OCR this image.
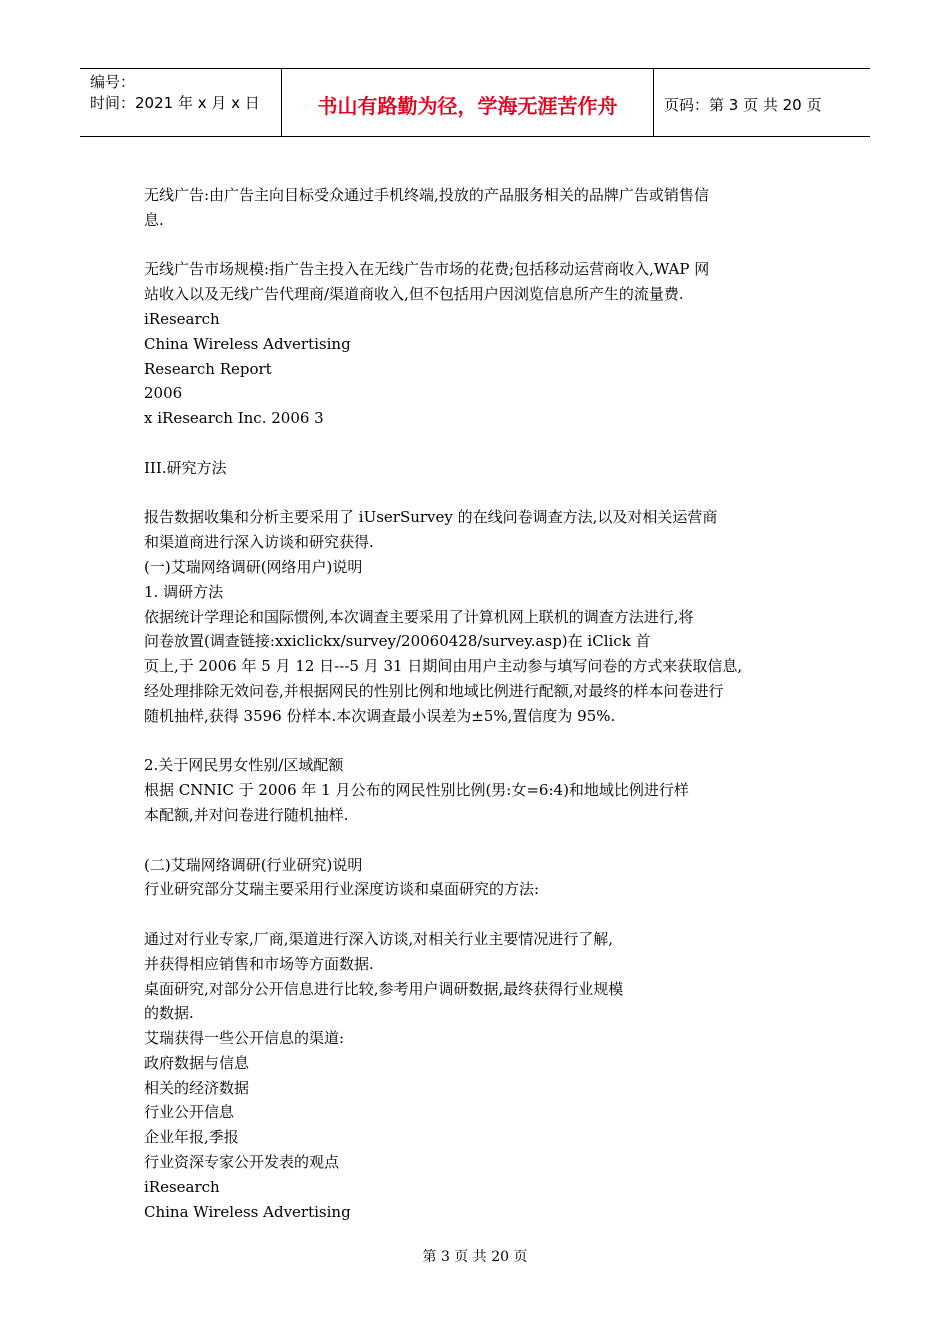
编号：
时间：2021 年 x 月 x 日	书山有路勤为径，学海无涯苦作舟	页码：第 3 页 共 20 页
无线广告:由广告主向目标受众通过手机终端,投放的产品服务相关的品牌广告或销售信
息.
无线广告市场规模:指广告主投入在无线广告市场的花费;包括移动运营商收入,WAP 网
站收入以及无线广告代理商/渠道商收入,但不包括用户因浏览信息所产生的流量费.
iResearch
China Wireless Advertising
Research Report
2006
x iResearch Inc. 2006 3
III.研究方法
报告数据收集和分析主要采用了 iUserSurvey 的在线问卷调查方法,以及对相关运营商
和渠道商进行深入访谈和研究获得.
(一)艾瑞网络调研(网络用户)说明
1. 调研方法
依据统计学理论和国际惯例,本次调查主要采用了计算机网上联机的调查方法进行,将
问卷放置(调查链接:xxiclickx/survey/20060428/survey.asp)在 iClick 首
页上,于 2006 年 5 月 12 日---5 月 31 日期间由用户主动参与填写问卷的方式来获取信息,
经处理排除无效问卷,并根据网民的性别比例和地域比例进行配额,对最终的样本问卷进行
随机抽样,获得 3596 份样本.本次调查最小误差为±5%,置信度为 95%.
2.关于网民男女性别/区域配额
根据 CNNIC 于 2006 年 1 月公布的网民性别比例(男:女=6:4)和地域比例进行样
本配额,并对问卷进行随机抽样.
(二)艾瑞网络调研(行业研究)说明
行业研究部分艾瑞主要采用行业深度访谈和桌面研究的方法:
通过对行业专家,厂商,渠道进行深入访谈,对相关行业主要情况进行了解,
并获得相应销售和市场等方面数据.
桌面研究,对部分公开信息进行比较,参考用户调研数据,最终获得行业规模
的数据.
艾瑞获得一些公开信息的渠道:
政府数据与信息
相关的经济数据
行业公开信息
企业年报,季报
行业资深专家公开发表的观点
iResearch
China Wireless Advertising
第 3 页 共 20 页
